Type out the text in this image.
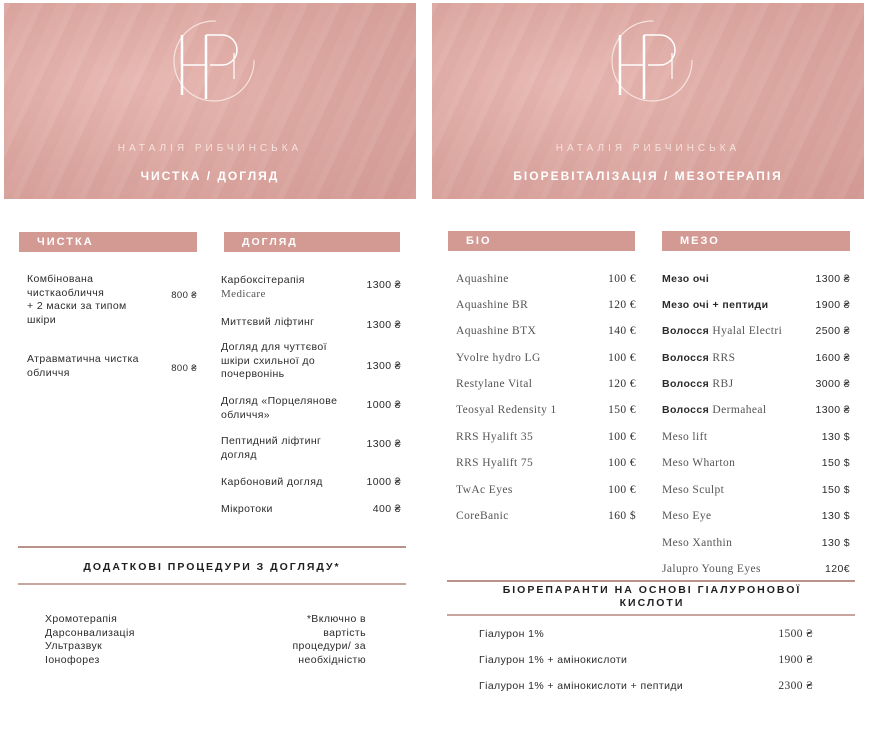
НАТАЛІЯ РИБЧИНСЬКА
ЧИСТКА / ДОГЛЯД
ЧИСТКА	ДОГЛЯД
Комбінована
чисткаобличчя
+ 2 маски за типом
шкіри
800 ₴
Атравматична чистка
обличчя	800 ₴
Карбоксітерапія
Medicare
1300 ₴
Миттєвий ліфтинг	1300 ₴
Догляд для чуттєвої шкіри схильної до почервонінь
1300 ₴
Догляд «Порцелянове обличчя»
1000 ₴
Пептидний ліфтинг догляд
1300 ₴
Карбоновий догляд	1000 ₴
Мікротоки	400 ₴
ДОДАТКОВІ ПРОЦЕДУРИ З ДОГЛЯДУ*
Хромотерапія
Дарсонвализація
Ультразвук
Іонофорез
*Включно в вартість процедури/ за необхідністю
НАТАЛІЯ РИБЧИНСЬКА
БІОРЕВІТАЛІЗАЦІЯ / МЕЗОТЕРАПІЯ
БІО	МЕЗО
Aquashine	100 €
Aquashine BR	120 €
Aquashine BTX	140 €
Yvolre hydro LG	100 €
Restylane Vital	120 €
Teosyal Redensity 1	150 €
RRS Hyalift 35	100 €
RRS Hyalift 75	100 €
TwAc Eyes	100 €
CoreBanic	160 $
Мезо очі	1300 ₴
Мезо очі + пептиди	1900 ₴
Волосся Hyalal Electri	2500 ₴
Волосся RRS	1600 ₴
Волосся RBJ	3000 ₴
Волосся Dermaheal	1300 ₴
Meso lift	130 $
Meso Wharton	150 $
Meso Sculpt	150 $
Meso Eye	130 $
Meso Xanthin	130 $
Jalupro Young Eyes	120€
БІОРЕПАРАНТИ НА ОСНОВІ ГІАЛУРОНОВОЇ КИСЛОТИ
Гіалурон 1%	1500 ₴
Гіалурон 1% + амінокислоти	1900 ₴
Гіалурон 1% + амінокислоти + пептиди	2300 ₴
